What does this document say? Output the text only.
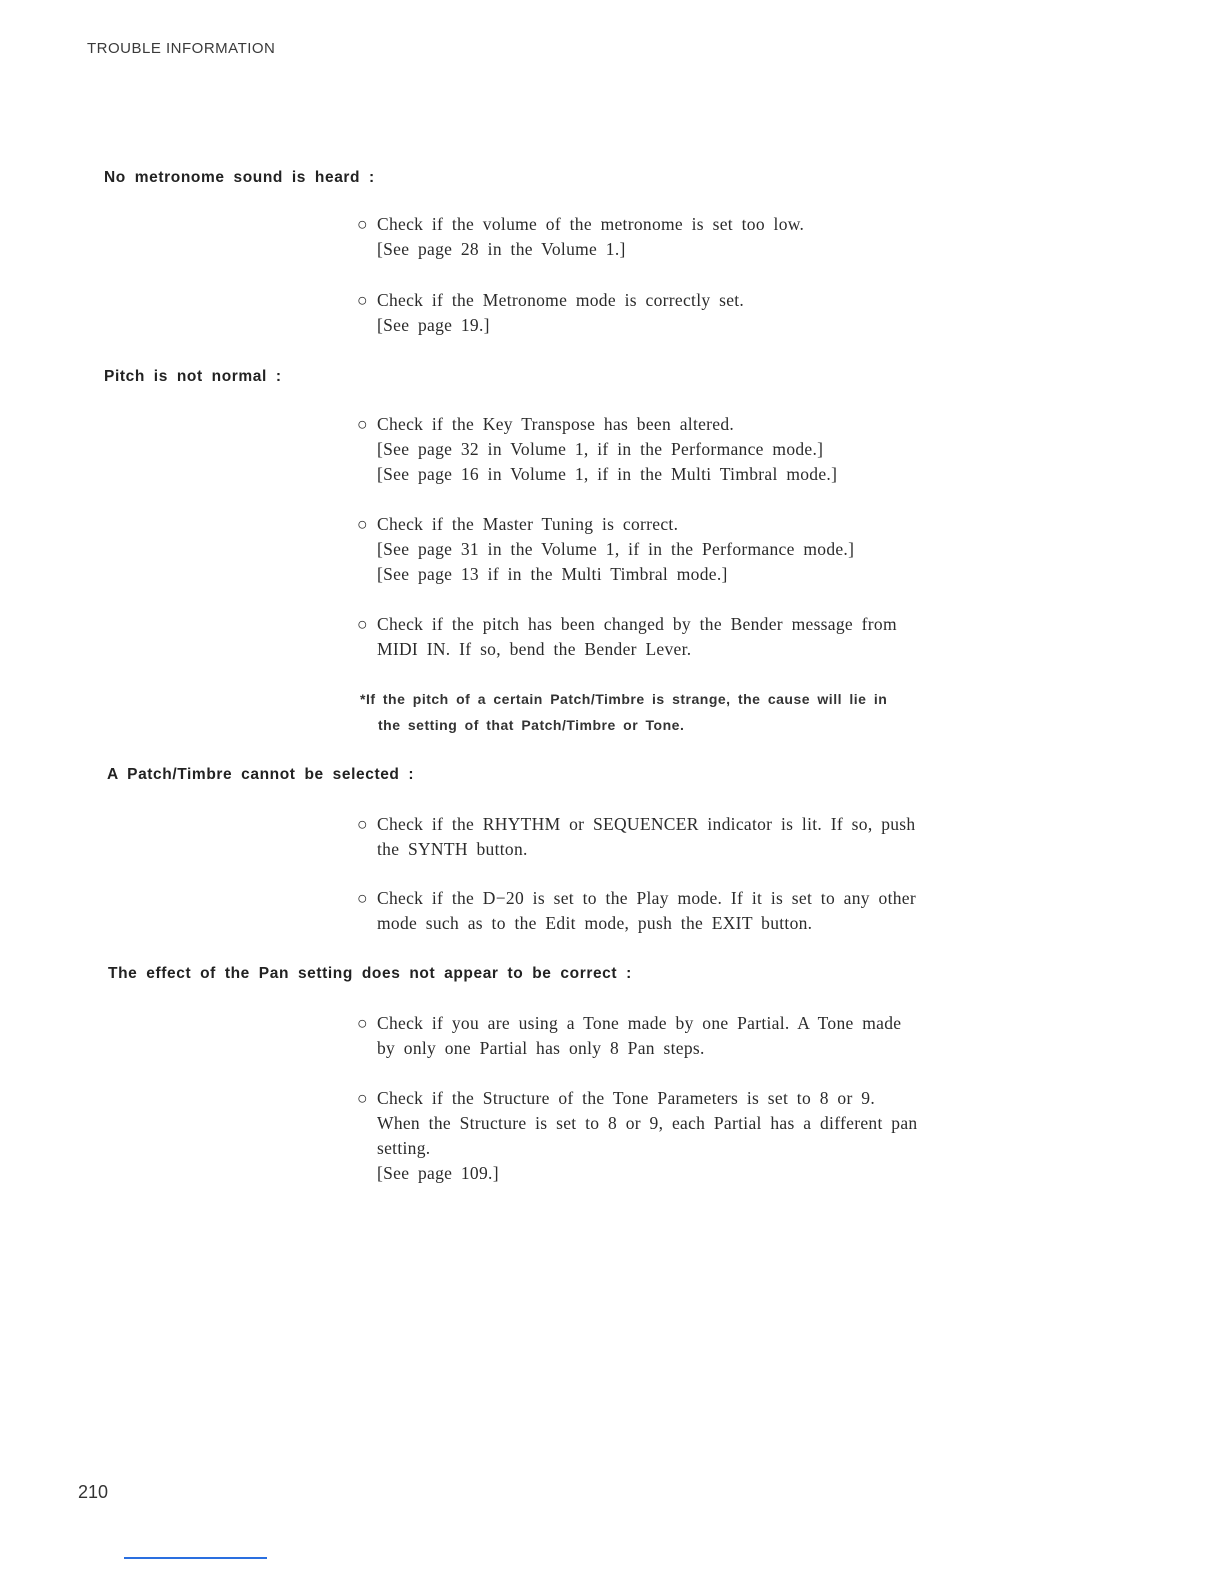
TROUBLE INFORMATION
No metronome sound is heard :
○ Check if the volume of the metronome is set too low.
[See page 28 in the Volume 1.]
○ Check if the Metronome mode is correctly set.
[See page 19.]
Pitch is not normal :
○ Check if the Key Transpose has been altered.
[See page 32 in Volume 1, if in the Performance mode.]
[See page 16 in Volume 1, if in the Multi Timbral mode.]
○ Check if the Master Tuning is correct.
[See page 31 in the Volume 1, if in the Performance mode.]
[See page 13 if in the Multi Timbral mode.]
○ Check if the pitch has been changed by the Bender message from
MIDI IN. If so, bend the Bender Lever.
*If the pitch of a certain Patch/Timbre is strange, the cause will lie in
the setting of that Patch/Timbre or Tone.
A Patch/Timbre cannot be selected :
○ Check if the RHYTHM or SEQUENCER indicator is lit. If so, push
the SYNTH button.
○ Check if the D−20 is set to the Play mode. If it is set to any other
mode such as to the Edit mode, push the EXIT button.
The effect of the Pan setting does not appear to be correct :
○ Check if you are using a Tone made by one Partial. A Tone made
by only one Partial has only 8 Pan steps.
○ Check if the Structure of the Tone Parameters is set to 8 or 9.
When the Structure is set to 8 or 9, each Partial has a different pan
setting.
[See page 109.]
210
